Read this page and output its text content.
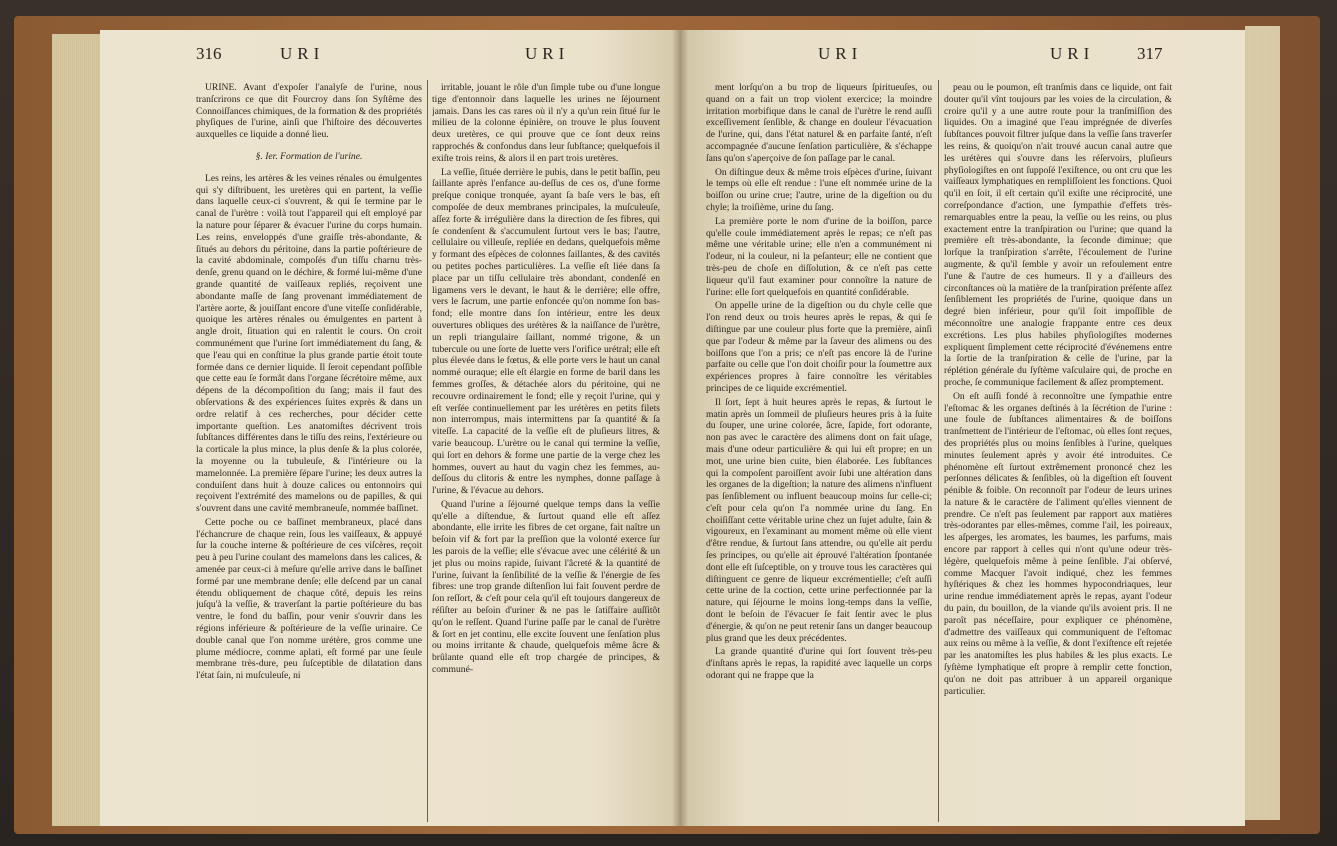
316	URI	URI	URI	URI	317

URINE. Avant d'expoſer l'analyſe de l'urine, nous tranſcrirons ce que dit Fourcroy dans ſon Syſtême des Connoiſſances chimiques, de la formation & des propriétés phyſiques de l'urine, ainſi que l'hiſtoire des découvertes auxquelles ce liquide a donné lieu.

§. Ier. Formation de l'urine.

Les reins, les artères & les veines rénales ou émulgentes qui s'y diſtribuent, les uretères qui en partent, la veſſie dans laquelle ceux-ci s'ouvrent, & qui ſe termine par le canal de l'urètre : voilà tout l'appareil qui eſt employé par la nature pour ſéparer & évacuer l'urine du corps humain. Les reins, enveloppés d'une graiſſe très-abondante, & ſitués au dehors du péritoine, dans la partie poſtérieure de la cavité abdominale, compoſés d'un tiſſu charnu très-denſe, grenu quand on le déchire, & formé lui-même d'une grande quantité de vaiſſeaux repliés, reçoivent une abondante maſſe de ſang provenant immédiatement de l'artère aorte, & jouiſſant encore d'une viteſſe conſidérable, quoique les artères rénales ou émulgentes en partent à angle droit, ſituation qui en ralentit le cours. On croit communément que l'urine ſort immédiatement du ſang, & que l'eau qui en conſtitue la plus grande partie étoit toute formée dans ce dernier liquide. Il ſeroit cependant poſſible que cette eau ſe formât dans l'organe ſécrétoire même, aux dépens de la décompoſition du ſang; mais il faut des obſervations & des expériences ſuites exprès & dans un ordre relatif à ces recherches, pour décider cette importante queſtion. Les anatomiſtes décrivent trois ſubſtances différentes dans le tiſſu des reins, l'extérieure ou la corticale la plus mince, la plus denſe & la plus colorée, la moyenne ou la tubuleuſe, & l'intérieure ou la mamelonnée. La première ſépare l'urine; les deux autres la conduiſent dans huit à douze calices ou entonnoirs qui reçoivent l'extrémité des mamelons ou de papilles, & qui s'ouvrent dans une cavité membraneuſe, nommée baſſinet.

Cette poche ou ce baſſinet membraneux, placé dans l'échancrure de chaque rein, ſous les vaiſſeaux, & appuyé ſur la couche interne & poſtérieure de ces viſcères, reçoit peu à peu l'urine coulant des mamelons dans les calices, & amenée par ceux-ci à meſure qu'elle arrive dans le baſſinet formé par une membrane denſe; elle deſcend par un canal étendu obliquement de chaque côté, depuis les reins juſqu'à la veſſie, & traverſant la partie poſtérieure du bas ventre, le fond du baſſin, pour venir s'ouvrir dans les régions inférieure & poſtérieure de la veſſie urinaire. Ce double canal que l'on nomme urétère, gros comme une plume médiocre, comme aplati, eſt formé par une ſeule membrane très-dure, peu ſuſceptible de dilatation dans l'état ſain, ni muſculeuſe, ni

irritable, jouant le rôle d'un ſimple tube ou d'une longue tige d'entonnoir dans laquelle les urines ne ſéjournent jamais. Dans les cas rares où il n'y a qu'un rein ſitué ſur le milieu de la colonne épinière, on trouve le plus ſouvent deux uretères, ce qui prouve que ce ſont deux reins rapprochés & confondus dans leur ſubſtance; quelquefois il exiſte trois reins, & alors il en part trois uretères.

La veſſie, ſituée derrière le pubis, dans le petit baſſin, peu ſaillante après l'enfance au-deſſus de ces os, d'une forme preſque conique tronquée, ayant ſa baſe vers le bas, eſt compoſée de deux membranes principales, la muſculeuſe, aſſez forte & irrégulière dans la direction de ſes fibres, qui ſe condenſent & s'accumulent ſurtout vers le bas; l'autre, cellulaire ou villeuſe, repliée en dedans, quelquefois même y formant des eſpèces de colonnes ſaillantes, & des cavités ou petites poches particulières. La veſſie eſt liée dans ſa place par un tiſſu cellulaire très abondant, condenſé en ligamens vers le devant, le haut & le derrière; elle offre, vers le ſacrum, une partie enfoncée qu'on nomme ſon bas-fond; elle montre dans ſon intérieur, entre les deux ouvertures obliques des urétères & la naiſſance de l'urètre, un repli triangulaire ſaillant, nommé trigone, & un tubercule ou une ſorte de luette vers l'orifice urétral; elle eſt plus élevée dans le fœtus, & elle porte vers le haut un canal nommé ouraque; elle eſt élargie en forme de baril dans les femmes groſſes, & détachée alors du péritoine, qui ne recouvre ordinairement le fond; elle y reçoit l'urine, qui y eſt verſée continuellement par les urétères en petits filets non interrompus, mais intermittens par ſa quantité & ſa viteſſe. La capacité de la veſſie eſt de pluſieurs litres, & varie beaucoup. L'urètre ou le canal qui termine la veſſie, qui ſort en dehors & forme une partie de la verge chez les hommes, ouvert au haut du vagin chez les femmes, au-deſſous du clitoris & entre les nymphes, donne paſſage à l'urine, & l'évacue au dehors.

Quand l'urine a ſéjourné quelque temps dans la veſſie qu'elle a diſtendue, & ſurtout quand elle eſt aſſez abondante, elle irrite les fibres de cet organe, fait naître un beſoin vif & fort par la preſſion que la volonté exerce ſur les parois de la veſſie; elle s'évacue avec une célérité & un jet plus ou moins rapide, ſuivant l'âcreté & la quantité de l'urine, ſuivant la ſenſibilité de la veſſie & l'énergie de ſes fibres: une trop grande diſtenſion lui fait ſouvent perdre de ſon reſſort, & c'eſt pour cela qu'il eſt toujours dangereux de réſiſter au beſoin d'uriner & ne pas le ſatiſfaire auſſitôt qu'on le reſſent. Quand l'urine paſſe par le canal de l'urètre & ſort en jet continu, elle excite ſouvent une ſenſation plus ou moins irritante & chaude, quelquefois même âcre & brûlante quand elle eſt trop chargée de principes, & communé-

ment lorſqu'on a bu trop de liqueurs ſpiritueuſes, ou quand on a fait un trop violent exercice; la moindre irritation morbifique dans le canal de l'urètre le rend auſſi exceſſivement ſenſible, & change en douleur l'évacuation de l'urine, qui, dans l'état naturel & en parfaite ſanté, n'eſt accompagnée d'aucune ſenſation particulière, & s'échappe ſans qu'on s'aperçoive de ſon paſſage par le canal.

On diſtingue deux & même trois eſpèces d'urine, ſuivant le temps où elle eſt rendue : l'une eſt nommée urine de la boiſſon ou urine crue; l'autre, urine de la digeſtion ou du chyle; la troiſième, urine du ſang.

La première porte le nom d'urine de la boiſſon, parce qu'elle coule immédiatement après le repas; ce n'eſt pas même une véritable urine; elle n'en a communément ni l'odeur, ni la couleur, ni la peſanteur; elle ne contient que très-peu de choſe en diſſolution, & ce n'eſt pas cette liqueur qu'il faut examiner pour connoître la nature de l'urine: elle ſort quelquefois en quantité conſidérable.

On appelle urine de la digeſtion ou du chyle celle que l'on rend deux ou trois heures après le repas, & qui ſe diſtingue par une couleur plus forte que la première, ainſi que par l'odeur & même par la ſaveur des alimens ou des boiſſons que l'on a pris; ce n'eſt pas encore là de l'urine parfaite ou celle que l'on doit choiſir pour la ſoumettre aux expériences propres à faire connoître les véritables principes de ce liquide excrémentiel.

Il ſort, ſept à huit heures après le repas, & ſurtout le matin après un ſommeil de pluſieurs heures pris à la ſuite du ſouper, une urine colorée, âcre, ſapide, fort odorante, non pas avec le caractère des alimens dont on fait uſage, mais d'une odeur particulière & qui lui eſt propre; en un mot, une urine bien cuite, bien élaborée. Les ſubſtances qui la compoſent paroiſſent avoir ſubi une altération dans les organes de la digeſtion; la nature des alimens n'influent pas ſenſiblement ou influent beaucoup moins ſur celle-ci; c'eſt pour cela qu'on l'a nommée urine du ſang. En choiſiſſant cette véritable urine chez un ſujet adulte, ſain & vigoureux, en l'examinant au moment même où elle vient d'être rendue, & ſurtout ſans attendre, ou qu'elle ait perdu ſes principes, ou qu'elle ait éprouvé l'altération ſpontanée dont elle eſt ſuſceptible, on y trouve tous les caractères qui diſtinguent ce genre de liqueur excrémentielle; c'eſt auſſi cette urine de la coction, cette urine perfectionnée par la nature, qui ſéjourne le moins long-temps dans la veſſie, dont le beſoin de l'évacuer ſe fait ſentir avec le plus d'énergie, & qu'on ne peut retenir ſans un danger beaucoup plus grand que les deux précédentes.

La grande quantité d'urine qui ſort ſouvent très-peu d'inſtans après le repas, la rapidité avec laquelle un corps odorant qui ne frappe que la

peau ou le poumon, eſt tranſmis dans ce liquide, ont fait douter qu'il vînt toujours par les voies de la circulation, & croire qu'il y a une autre route pour la tranſmiſſion des liquides. On a imaginé que l'eau imprégnée de diverſes ſubſtances pouvoit filtrer juſque dans la veſſie ſans traverſer les reins, & quoiqu'on n'ait trouvé aucun canal autre que les urétères qui s'ouvre dans les réſervoirs, pluſieurs phyſiologiſtes en ont ſuppoſé l'exiſtence, ou ont cru que les vaiſſeaux lymphatiques en rempliſſoient les fonctions. Quoi qu'il en ſoit, il eſt certain qu'il exiſte une réciprocité, une correſpondance d'action, une ſympathie d'effets très-remarquables entre la peau, la veſſie ou les reins, ou plus exactement entre la tranſpiration ou l'urine; que quand la première eſt très-abondante, la ſeconde diminue; que lorſque la tranſpiration s'arrête, l'écoulement de l'urine augmente, & qu'il ſemble y avoir un refoulement entre l'une & l'autre de ces humeurs. Il y a d'ailleurs des circonſtances où la matière de la tranſpiration préſente aſſez ſenſiblement les propriétés de l'urine, quoique dans un degré bien inférieur, pour qu'il ſoit impoſſible de méconnoître une analogie frappante entre ces deux excrétions. Les plus habiles phyſiologiſtes modernes expliquent ſimplement cette réciprocité d'événemens entre la ſortie de la tranſpiration & celle de l'urine, par la réplétion générale du ſyſtème vaſculaire qui, de proche en proche, ſe communique facilement & aſſez promptement.

On eſt auſſi fondé à reconnoître une ſympathie entre l'eſtomac & les organes deſtinés à la ſécrétion de l'urine : une foule de ſubſtances alimentaires & de boiſſons tranſmettent de l'intérieur de l'eſtomac, où elles ſont reçues, des propriétés plus ou moins ſenſibles à l'urine, quelques minutes ſeulement après y avoir été introduites. Ce phénomène eſt ſurtout extrêmement prononcé chez les perſonnes délicates & ſenſibles, où la digeſtion eſt ſouvent pénible & foible. On reconnoît par l'odeur de leurs urines la nature & le caractère de l'aliment qu'elles viennent de prendre. Ce n'eſt pas ſeulement par rapport aux matières très-odorantes par elles-mêmes, comme l'ail, les poireaux, les aſperges, les aromates, les baumes, les parfums, mais encore par rapport à celles qui n'ont qu'une odeur très-légère, quelquefois même à peine ſenſible. J'ai obſervé, comme Macquer l'avoit indiqué, chez les femmes hyſtériques & chez les hommes hypocondriaques, leur urine rendue immédiatement après le repas, ayant l'odeur du pain, du bouillon, de la viande qu'ils avoient pris. Il ne paroît pas néceſſaire, pour expliquer ce phénomène, d'admettre des vaiſſeaux qui communiquent de l'eſtomac aux reins ou même à la veſſie, & dont l'exiſtence eſt rejetée par les anatomiſtes les plus habiles & les plus exacts. Le ſyſtème lymphatique eſt propre à remplir cette fonction, qu'on ne doit pas attribuer à un appareil organique particulier.
